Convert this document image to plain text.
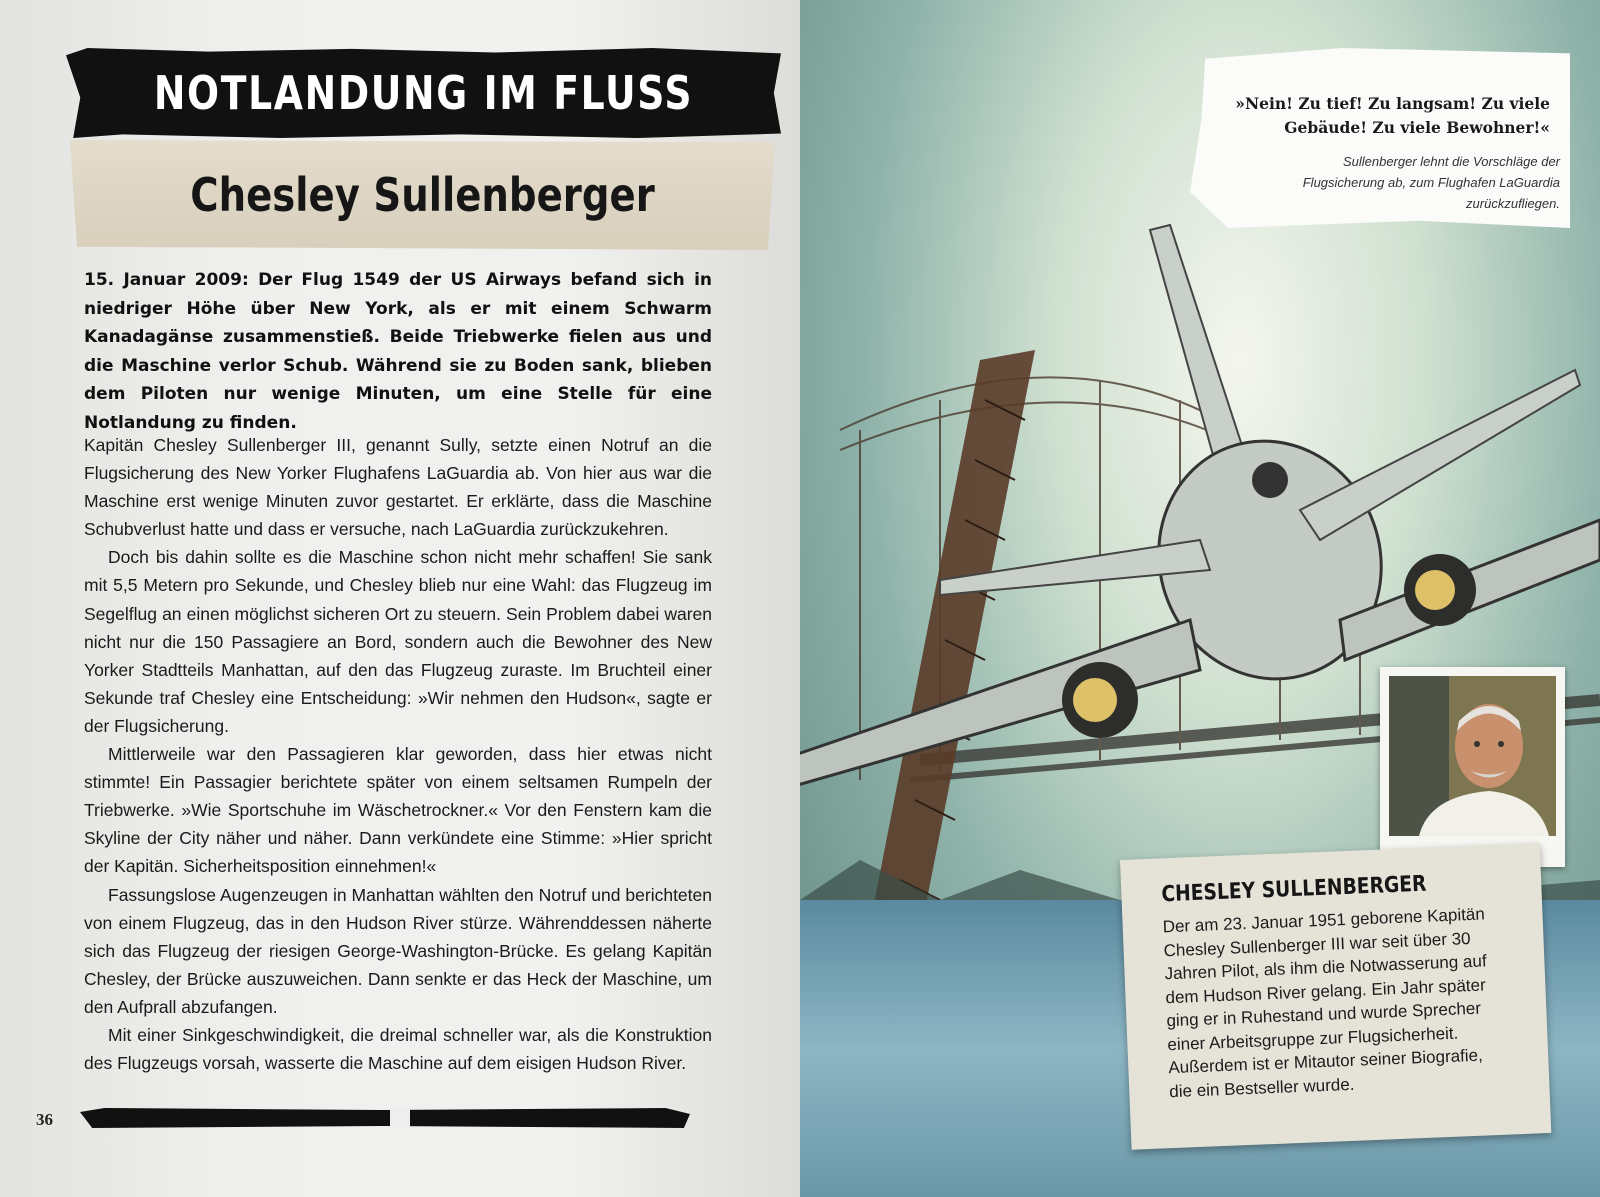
NOTLANDUNG IM FLUSS
Chesley Sullenberger

15. Januar 2009: Der Flug 1549 der US Airways befand sich in niedriger Höhe über New York, als er mit einem Schwarm Kanadagänse zusammenstieß. Beide Triebwerke fielen aus und die Maschine verlor Schub. Während sie zu Boden sank, blieben dem Piloten nur wenige Minuten, um eine Stelle für eine Notlandung zu finden.

Kapitän Chesley Sullenberger III, genannt Sully, setzte einen Notruf an die Flugsicherung des New Yorker Flughafens LaGuardia ab. Von hier aus war die Maschine erst wenige Minuten zuvor gestartet. Er erklärte, dass die Maschine Schubverlust hatte und dass er versuche, nach LaGuardia zurückzukehren.

Doch bis dahin sollte es die Maschine schon nicht mehr schaffen! Sie sank mit 5,5 Metern pro Sekunde, und Chesley blieb nur eine Wahl: das Flugzeug im Segelflug an einen möglichst sicheren Ort zu steuern. Sein Problem dabei waren nicht nur die 150 Passagiere an Bord, sondern auch die Bewohner des New Yorker Stadtteils Manhattan, auf den das Flugzeug zuraste. Im Bruchteil einer Sekunde traf Chesley eine Entscheidung: »Wir nehmen den Hudson«, sagte er der Flugsicherung.

Mittlerweile war den Passagieren klar geworden, dass hier etwas nicht stimmte! Ein Passagier berichtete später von einem seltsamen Rumpeln der Triebwerke. »Wie Sportschuhe im Wäschetrockner.« Vor den Fenstern kam die Skyline der City näher und näher. Dann verkündete eine Stimme: »Hier spricht der Kapitän. Sicherheitsposition einnehmen!«

Fassungslose Augenzeugen in Manhattan wählten den Notruf und berichteten von einem Flugzeug, das in den Hudson River stürze. Währenddessen näherte sich das Flugzeug der riesigen George-Washington-Brücke. Es gelang Kapitän Chesley, der Brücke auszuweichen. Dann senkte er das Heck der Maschine, um den Aufprall abzufangen.

Mit einer Sinkgeschwindigkeit, die dreimal schneller war, als die Konstruktion des Flugzeugs vorsah, wasserte die Maschine auf dem eisigen Hudson River.

36

»Nein! Zu tief! Zu langsam! Zu viele Gebäude! Zu viele Bewohner!«

Sullenberger lehnt die Vorschläge der Flugsicherung ab, zum Flughafen LaGuardia zurückzufliegen.

CHESLEY SULLENBERGER

Der am 23. Januar 1951 geborene Kapitän Chesley Sullenberger III war seit über 30 Jahren Pilot, als ihm die Notwasserung auf dem Hudson River gelang. Ein Jahr später ging er in Ruhestand und wurde Sprecher einer Arbeitsgruppe zur Flugsicherheit. Außerdem ist er Mitautor seiner Biografie, die ein Bestseller wurde.
